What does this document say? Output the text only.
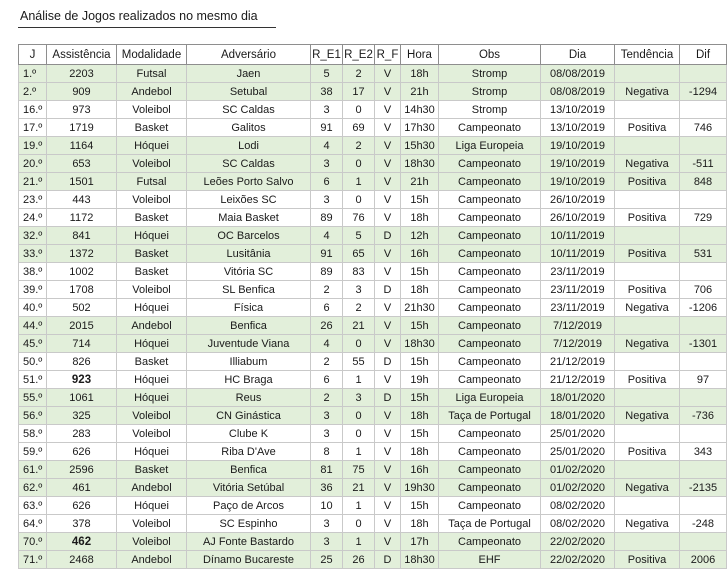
Análise de Jogos realizados no mesmo dia
J	Assistência	Modalidade	Adversário	R_E1	R_E2	R_F	Hora	Obs	Dia	Tendência	Dif
1.º	2203	Futsal	Jaen	5	2	V	18h	Stromp	08/08/2019		
2.º	909	Andebol	Setubal	38	17	V	21h	Stromp	08/08/2019	Negativa	-1294
16.º	973	Voleibol	SC Caldas	3	0	V	14h30	Stromp	13/10/2019		
17.º	1719	Basket	Galitos	91	69	V	17h30	Campeonato	13/10/2019	Positiva	746
19.º	1164	Hóquei	Lodi	4	2	V	15h30	Liga Europeia	19/10/2019		
20.º	653	Voleibol	SC Caldas	3	0	V	18h30	Campeonato	19/10/2019	Negativa	-511
21.º	1501	Futsal	Leões Porto Salvo	6	1	V	21h	Campeonato	19/10/2019	Positiva	848
23.º	443	Voleibol	Leixões SC	3	0	V	15h	Campeonato	26/10/2019		
24.º	1172	Basket	Maia Basket	89	76	V	18h	Campeonato	26/10/2019	Positiva	729
32.º	841	Hóquei	OC Barcelos	4	5	D	12h	Campeonato	10/11/2019		
33.º	1372	Basket	Lusitânia	91	65	V	16h	Campeonato	10/11/2019	Positiva	531
38.º	1002	Basket	Vitória SC	89	83	V	15h	Campeonato	23/11/2019		
39.º	1708	Voleibol	SL Benfica	2	3	D	18h	Campeonato	23/11/2019	Positiva	706
40.º	502	Hóquei	Física	6	2	V	21h30	Campeonato	23/11/2019	Negativa	-1206
44.º	2015	Andebol	Benfica	26	21	V	15h	Campeonato	7/12/2019		
45.º	714	Hóquei	Juventude Viana	4	0	V	18h30	Campeonato	7/12/2019	Negativa	-1301
50.º	826	Basket	Illiabum	2	55	D	15h	Campeonato	21/12/2019		
51.º	923	Hóquei	HC Braga	6	1	V	19h	Campeonato	21/12/2019	Positiva	97
55.º	1061	Hóquei	Reus	2	3	D	15h	Liga Europeia	18/01/2020		
56.º	325	Voleibol	CN Ginástica	3	0	V	18h	Taça de Portugal	18/01/2020	Negativa	-736
58.º	283	Voleibol	Clube K	3	0	V	15h	Campeonato	25/01/2020		
59.º	626	Hóquei	Riba D'Ave	8	1	V	18h	Campeonato	25/01/2020	Positiva	343
61.º	2596	Basket	Benfica	81	75	V	16h	Campeonato	01/02/2020		
62.º	461	Andebol	Vitória Setúbal	36	21	V	19h30	Campeonato	01/02/2020	Negativa	-2135
63.º	626	Hóquei	Paço de Arcos	10	1	V	15h	Campeonato	08/02/2020		
64.º	378	Voleibol	SC Espinho	3	0	V	18h	Taça de Portugal	08/02/2020	Negativa	-248
70.º	462	Voleibol	AJ Fonte Bastardo	3	1	V	17h	Campeonato	22/02/2020		
71.º	2468	Andebol	Dínamo Bucareste	25	26	D	18h30	EHF	22/02/2020	Positiva	2006
